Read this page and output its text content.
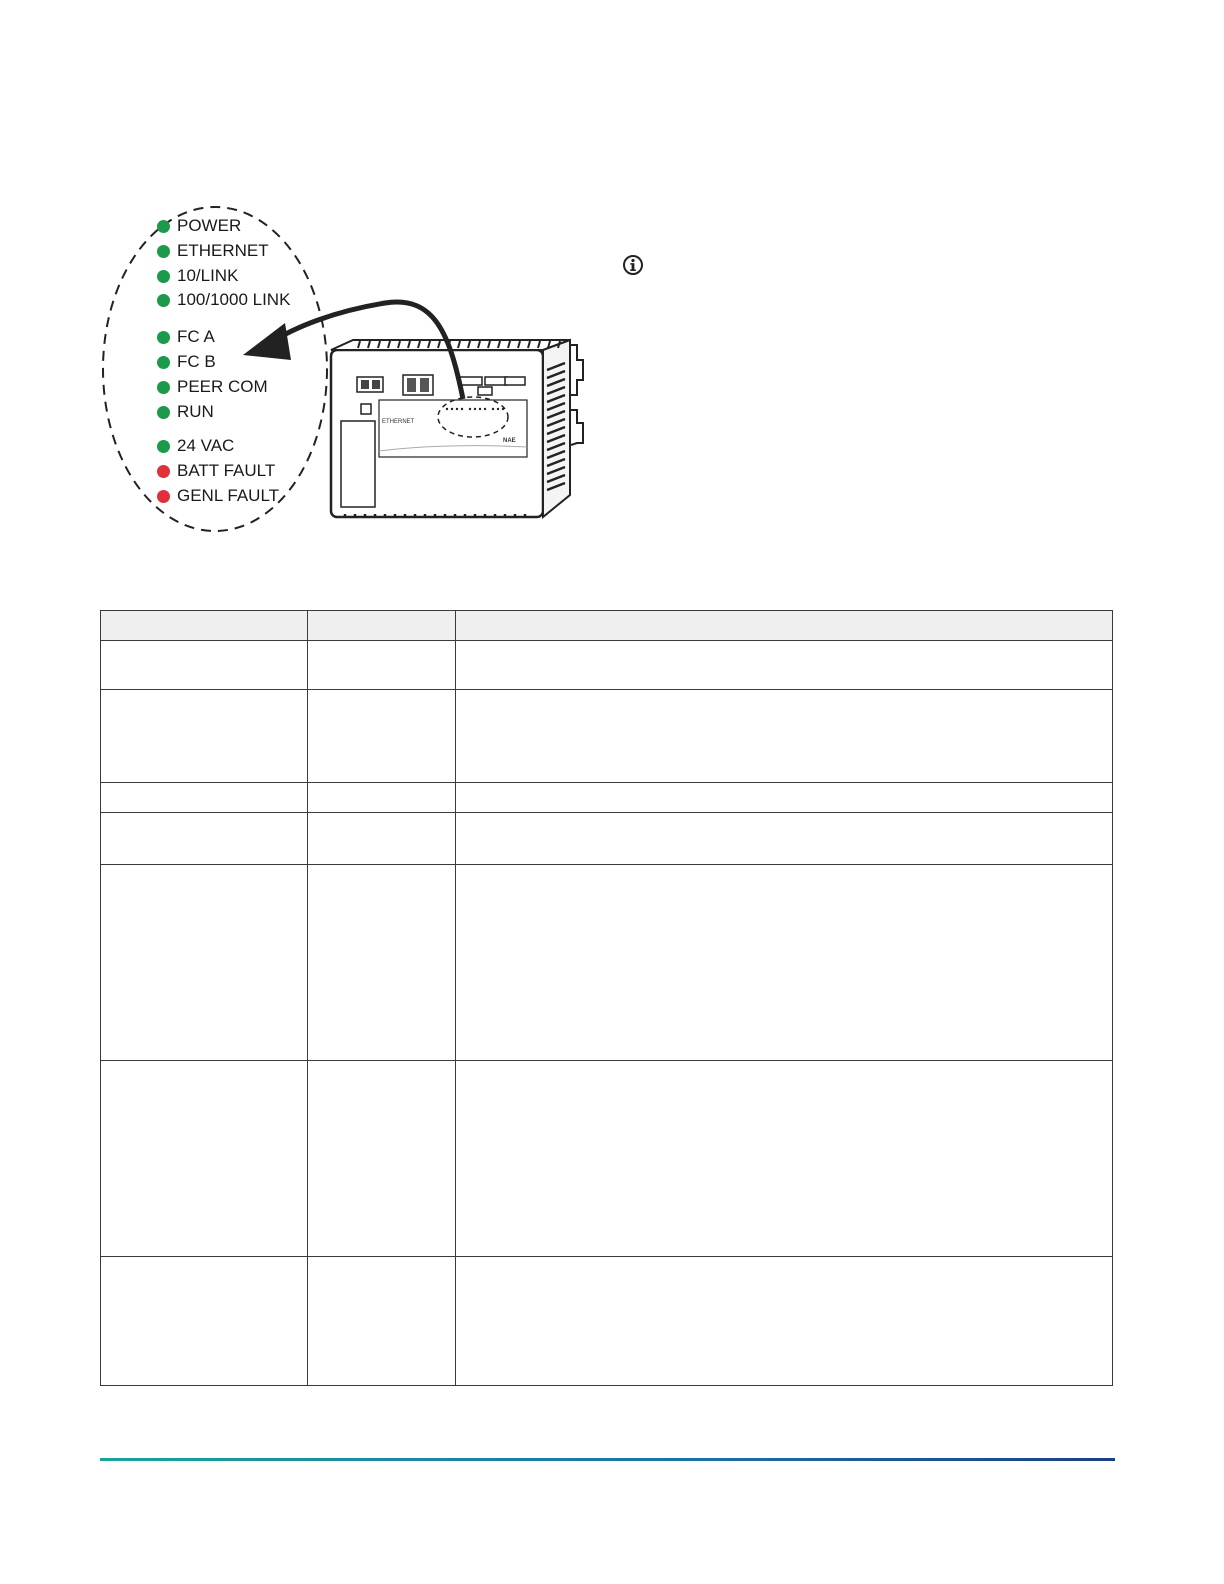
ETHERNET
NAE
POWER
ETHERNET
10/LINK
100/1000 LINK
FC A
FC B
PEER COM
RUN
24 VAC
BATT FAULT
GENL FAULT
